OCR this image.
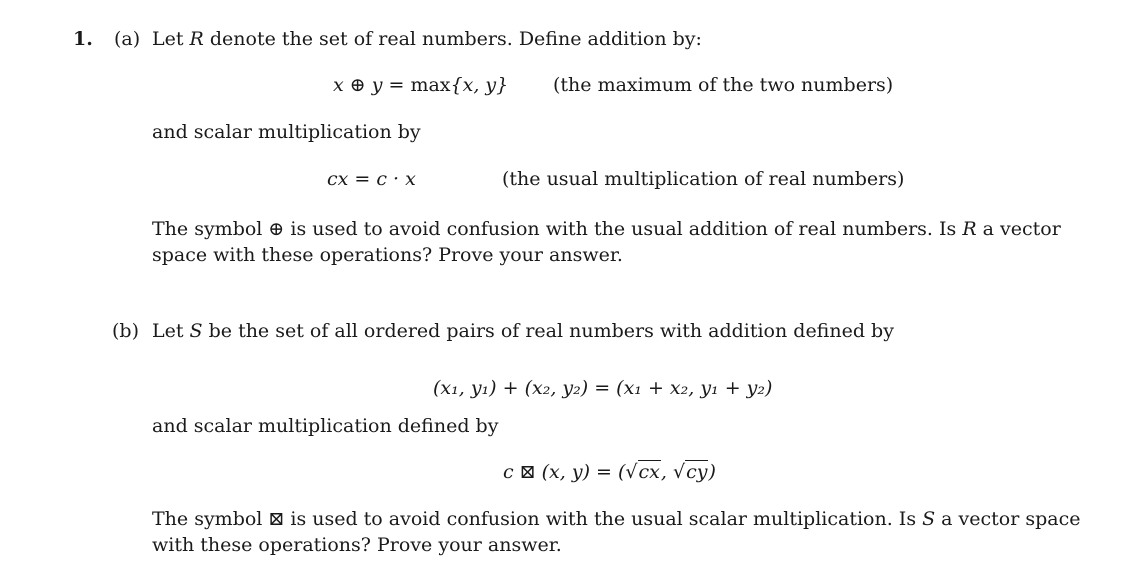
1. (a) Let R denote the set of real numbers. Define addition by:
x ⊕ y = max{x, y} (the maximum of the two numbers)
and scalar multiplication by
cx = c · x	(the usual multiplication of real numbers)
The symbol ⊕ is used to avoid confusion with the usual addition of real numbers. Is R a vector
space with these operations? Prove your answer.
(b) Let S be the set of all ordered pairs of real numbers with addition defined by
(x₁, y₁) + (x₂, y₂) = (x₁ + x₂, y₁ + y₂)
and scalar multiplication defined by
c ⊠ (x, y) = (√cx, √cy)
The symbol ⊠ is used to avoid confusion with the usual scalar multiplication. Is S a vector space
with these operations? Prove your answer.
